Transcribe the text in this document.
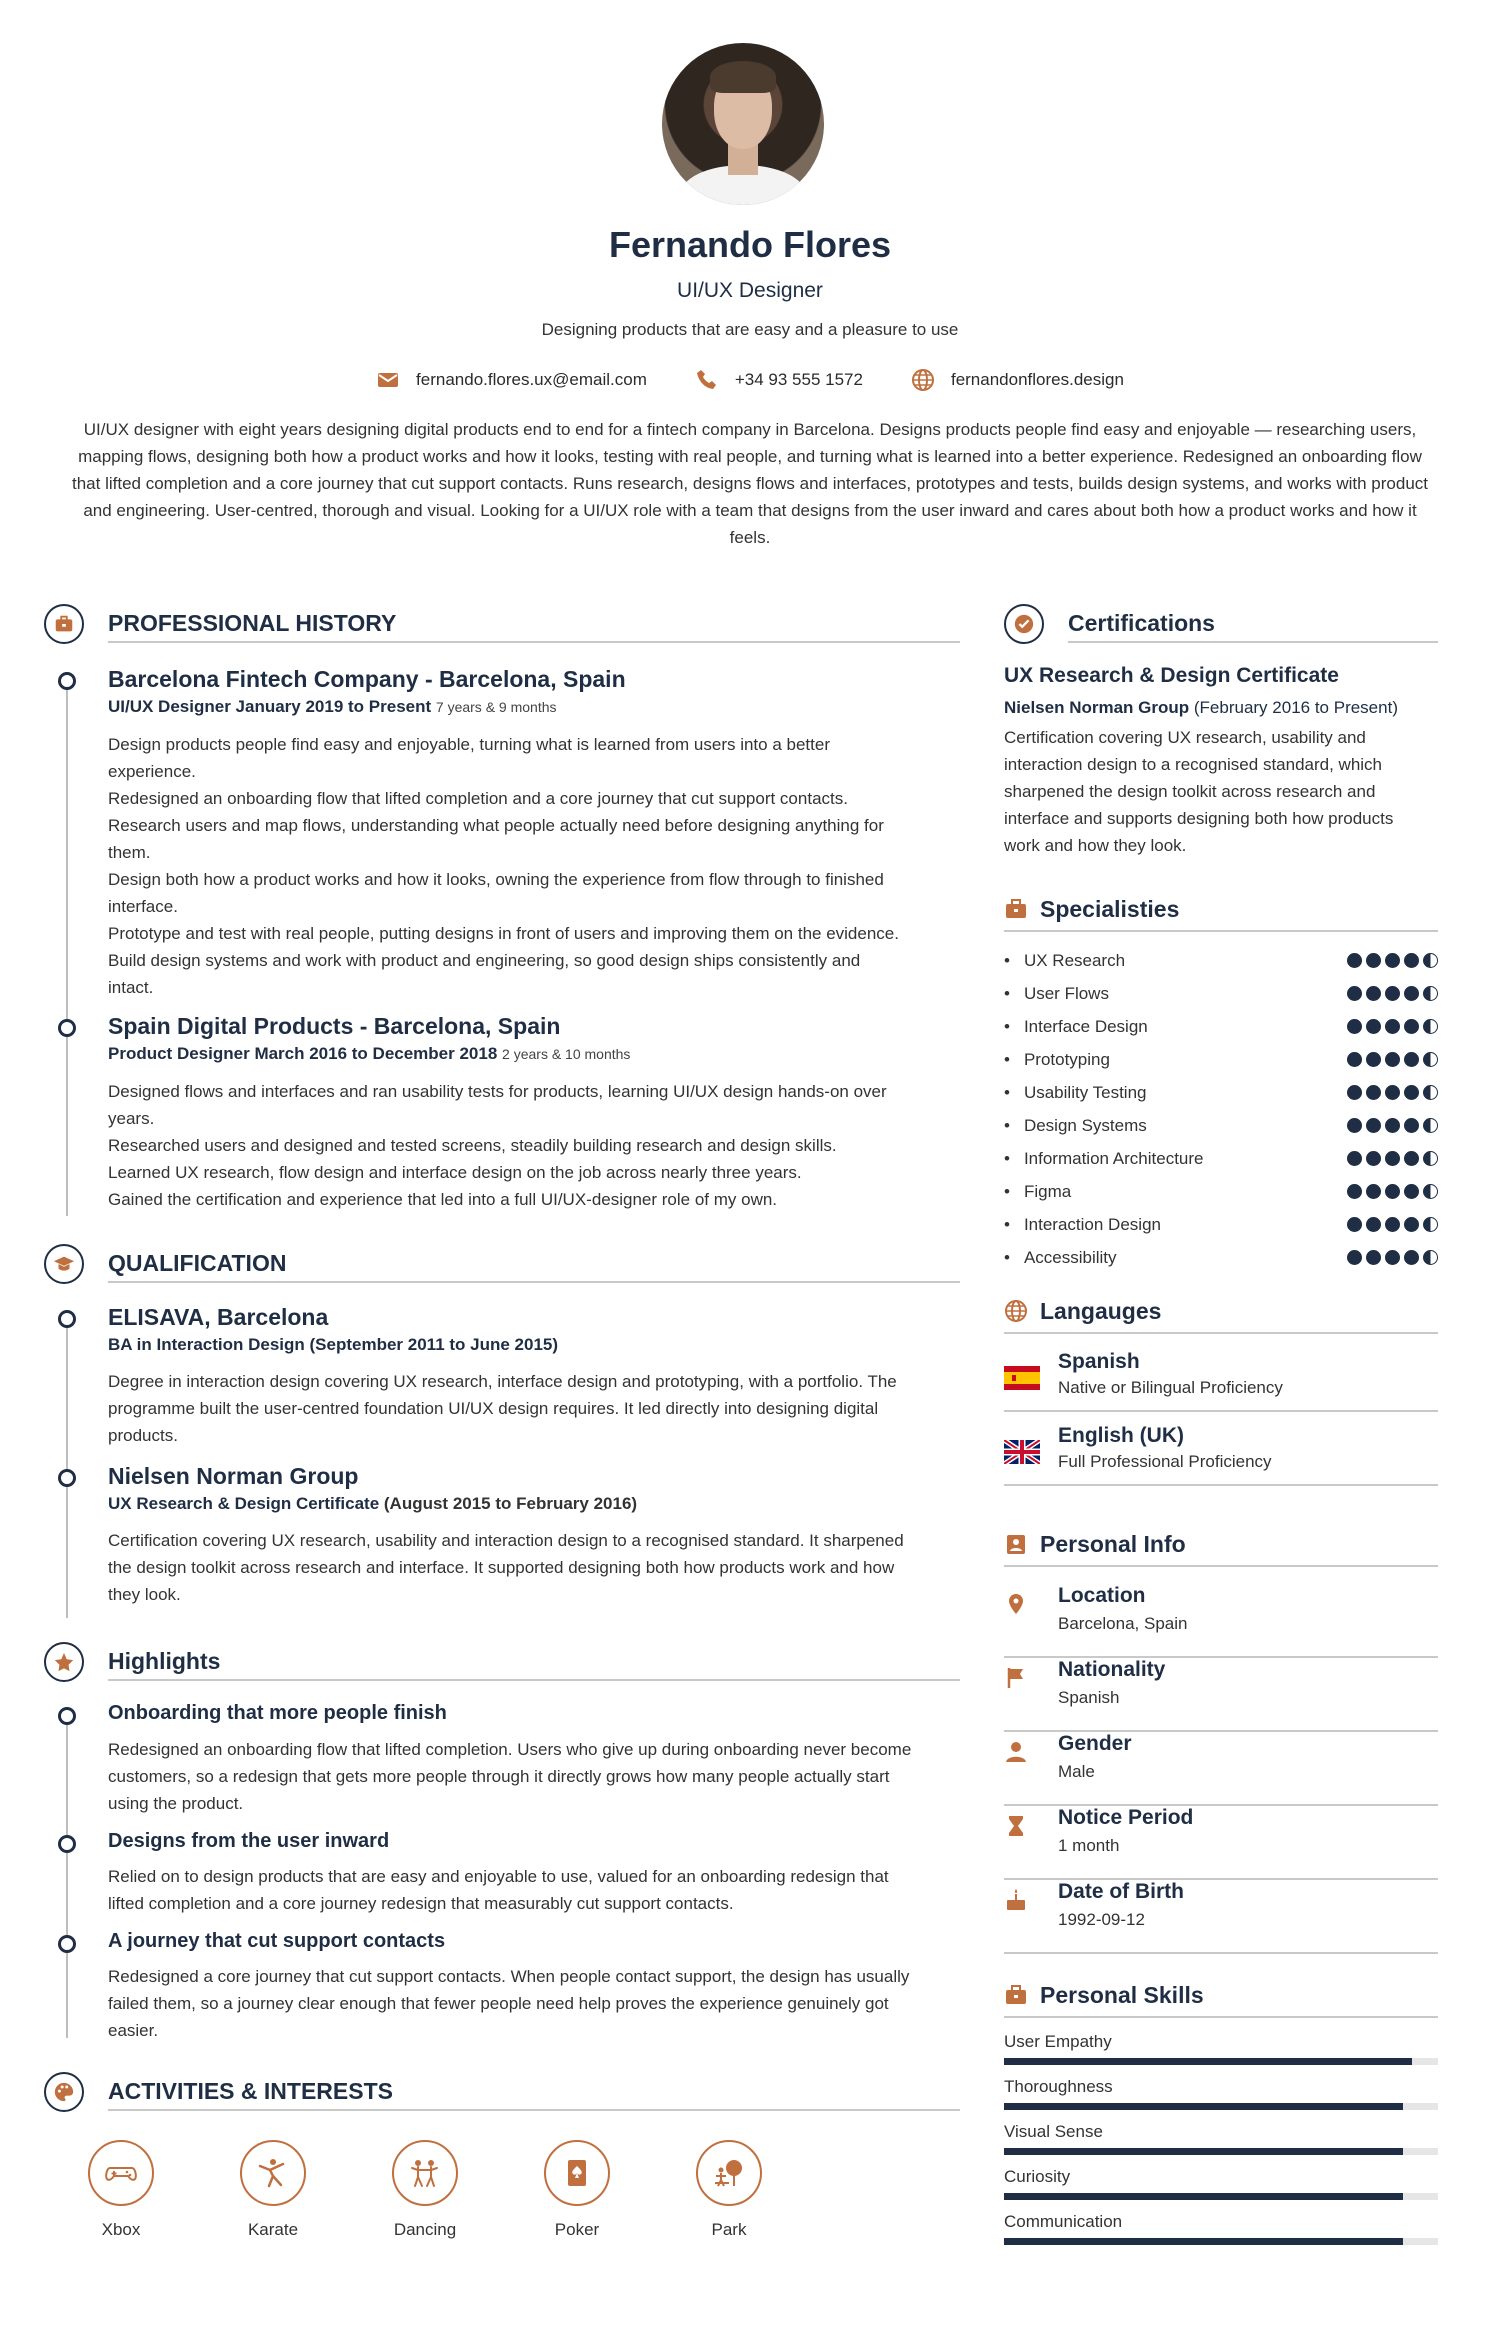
Fernando Flores
UI/UX Designer
Designing products that are easy and a pleasure to use
fernando.flores.ux@email.com	+34 93 555 1572	fernandonflores.design
UI/UX designer with eight years designing digital products end to end for a fintech company in Barcelona. Designs products people find easy and enjoyable — researching users, mapping flows, designing both how a product works and how it looks, testing with real people, and turning what is learned into a better experience. Redesigned an onboarding flow that lifted completion and a core journey that cut support contacts. Runs research, designs flows and interfaces, prototypes and tests, builds design systems, and works with product and engineering. User-centred, thorough and visual. Looking for a UI/UX role with a team that designs from the user inward and cares about both how a product works and how it feels.
PROFESSIONAL HISTORY
Barcelona Fintech Company - Barcelona, Spain
UI/UX Designer January 2019 to Present 7 years & 9 months
Design products people find easy and enjoyable, turning what is learned from users into a better
experience.
Redesigned an onboarding flow that lifted completion and a core journey that cut support contacts.
Research users and map flows, understanding what people actually need before designing anything for
them.
Design both how a product works and how it looks, owning the experience from flow through to finished
interface.
Prototype and test with real people, putting designs in front of users and improving them on the evidence.
Build design systems and work with product and engineering, so good design ships consistently and
intact.
Spain Digital Products - Barcelona, Spain
Product Designer March 2016 to December 2018 2 years & 10 months
Designed flows and interfaces and ran usability tests for products, learning UI/UX design hands-on over
years.
Researched users and designed and tested screens, steadily building research and design skills.
Learned UX research, flow design and interface design on the job across nearly three years.
Gained the certification and experience that led into a full UI/UX-designer role of my own.
QUALIFICATION
ELISAVA, Barcelona
BA in Interaction Design (September 2011 to June 2015)
Degree in interaction design covering UX research, interface design and prototyping, with a portfolio. The
programme built the user-centred foundation UI/UX design requires. It led directly into designing digital
products.
Nielsen Norman Group
UX Research & Design Certificate (August 2015 to February 2016)
Certification covering UX research, usability and interaction design to a recognised standard. It sharpened
the design toolkit across research and interface. It supported designing both how products work and how
they look.
Highlights
Onboarding that more people finish
Redesigned an onboarding flow that lifted completion. Users who give up during onboarding never become
customers, so a redesign that gets more people through it directly grows how many people actually start
using the product.
Designs from the user inward
Relied on to design products that are easy and enjoyable to use, valued for an onboarding redesign that
lifted completion and a core journey redesign that measurably cut support contacts.
A journey that cut support contacts
Redesigned a core journey that cut support contacts. When people contact support, the design has usually
failed them, so a journey clear enough that fewer people need help proves the experience genuinely got
easier.
ACTIVITIES & INTERESTS
Xbox	Karate	Dancing	Poker	Park
Certifications
UX Research & Design Certificate
Nielsen Norman Group (February 2016 to Present)
Certification covering UX research, usability and
interaction design to a recognised standard, which
sharpened the design toolkit across research and
interface and supports designing both how products
work and how they look.
Specialisties
• UX Research
• User Flows
• Interface Design
• Prototyping
• Usability Testing
• Design Systems
• Information Architecture
• Figma
• Interaction Design
• Accessibility
Langauges
Spanish
Native or Bilingual Proficiency
English (UK)
Full Professional Proficiency
Personal Info
Location
Barcelona, Spain
Nationality
Spanish
Gender
Male
Notice Period
1 month
Date of Birth
1992-09-12
Personal Skills
User Empathy
Thoroughness
Visual Sense
Curiosity
Communication
